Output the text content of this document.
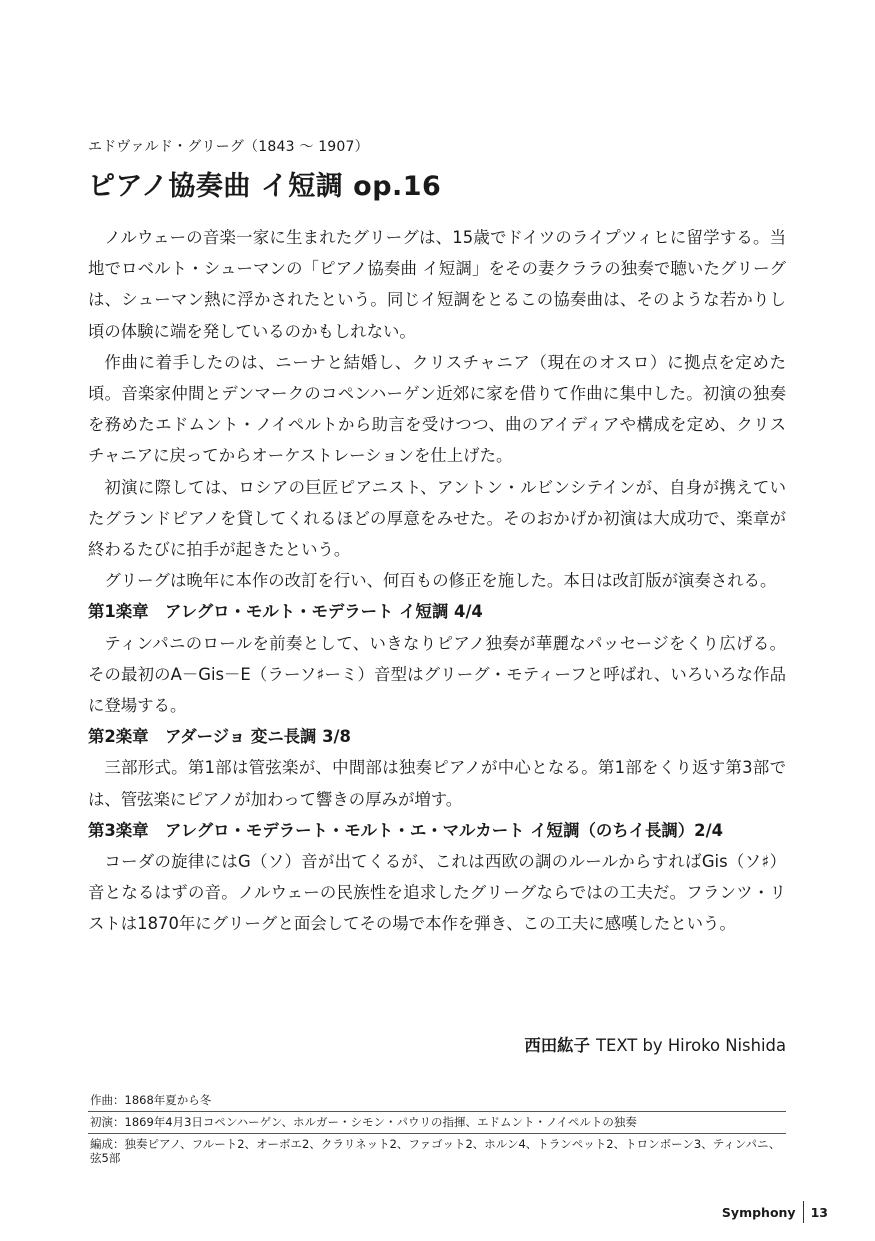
エドヴァルド・グリーグ（1843 ～ 1907）
ピアノ協奏曲 イ短調 op.16

ノルウェーの音楽一家に生まれたグリーグは、15歳でドイツのライプツィヒに留学する。当地でロベルト・シューマンの「ピアノ協奏曲 イ短調」をその妻クララの独奏で聴いたグリーグは、シューマン熱に浮かされたという。同じイ短調をとるこの協奏曲は、そのような若かりし頃の体験に端を発しているのかもしれない。

作曲に着手したのは、ニーナと結婚し、クリスチャニア（現在のオスロ）に拠点を定めた頃。音楽家仲間とデンマークのコペンハーゲン近郊に家を借りて作曲に集中した。初演の独奏を務めたエドムント・ノイペルトから助言を受けつつ、曲のアイディアや構成を定め、クリスチャニアに戻ってからオーケストレーションを仕上げた。

初演に際しては、ロシアの巨匠ピアニスト、アントン・ルビンシテインが、自身が携えていたグランドピアノを貸してくれるほどの厚意をみせた。そのおかげか初演は大成功で、楽章が終わるたびに拍手が起きたという。

グリーグは晩年に本作の改訂を行い、何百もの修正を施した。本日は改訂版が演奏される。

第1楽章　アレグロ・モルト・モデラート イ短調 4/4

ティンパニのロールを前奏として、いきなりピアノ独奏が華麗なパッセージをくり広げる。その最初のA－Gis－E（ラーソ♯ーミ）音型はグリーグ・モティーフと呼ばれ、いろいろな作品に登場する。

第2楽章　アダージョ 変ニ長調 3/8

三部形式。第1部は管弦楽が、中間部は独奏ピアノが中心となる。第1部をくり返す第3部では、管弦楽にピアノが加わって響きの厚みが増す。

第3楽章　アレグロ・モデラート・モルト・エ・マルカート イ短調（のちイ長調）2/4

コーダの旋律にはG（ソ）音が出てくるが、これは西欧の調のルールからすればGis（ソ♯）音となるはずの音。ノルウェーの民族性を追求したグリーグならではの工夫だ。フランツ・リストは1870年にグリーグと面会してその場で本作を弾き、この工夫に感嘆したという。

西田紘子 TEXT by Hiroko Nishida
作曲：1868年夏から冬
初演：1869年4月3日コペンハーゲン、ホルガー・シモン・パウリの指揮、エドムント・ノイペルトの独奏
編成：独奏ピアノ、フルート2、オーボエ2、クラリネット2、ファゴット2、ホルン4、トランペット2、トロンボーン3、ティンパニ、弦5部
Symphony 13
